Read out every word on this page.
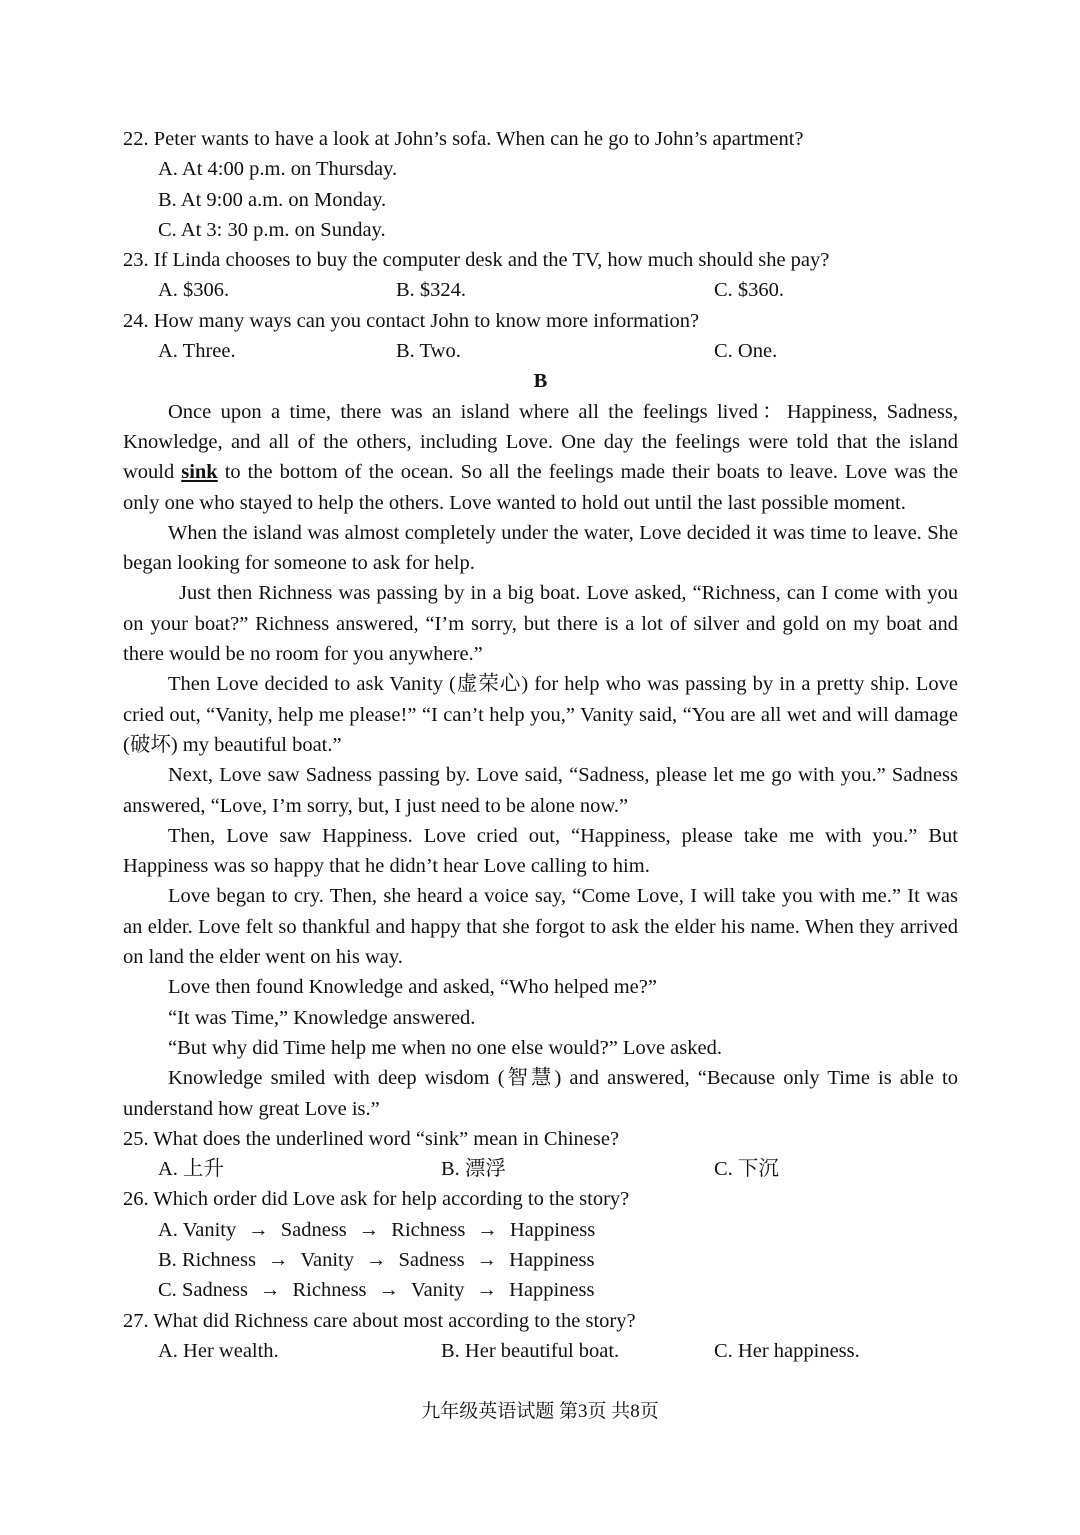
22. Peter wants to have a look at John’s sofa. When can he go to John’s apartment?
A. At 4:00 p.m. on Thursday.
B. At 9:00 a.m. on Monday.
C. At 3: 30 p.m. on Sunday.
23. If Linda chooses to buy the computer desk and the TV, how much should she pay?
A. $306.	B. $324.	C. $360.
24. How many ways can you contact John to know more information?
A. Three.	B. Two.	C. One.
B
Once upon a time, there was an island where all the feelings lived：Happiness, Sadness, Knowledge, and all of the others, including Love. One day the feelings were told that the island would sink to the bottom of the ocean. So all the feelings made their boats to leave. Love was the only one who stayed to help the others. Love wanted to hold out until the last possible moment.
When the island was almost completely under the water, Love decided it was time to leave. She began looking for someone to ask for help.
Just then Richness was passing by in a big boat. Love asked, “Richness, can I come with you on your boat?” Richness answered, “I’m sorry, but there is a lot of silver and gold on my boat and there would be no room for you anywhere.”
Then Love decided to ask Vanity (虚荣心) for help who was passing by in a pretty ship. Love cried out, “Vanity, help me please!” “I can’t help you,” Vanity said, “You are all wet and will damage (破坏) my beautiful boat.”
Next, Love saw Sadness passing by. Love said, “Sadness, please let me go with you.” Sadness answered, “Love, I’m sorry, but, I just need to be alone now.”
Then, Love saw Happiness. Love cried out, “Happiness, please take me with you.” But Happiness was so happy that he didn’t hear Love calling to him.
Love began to cry. Then, she heard a voice say, “Come Love, I will take you with me.” It was an elder. Love felt so thankful and happy that she forgot to ask the elder his name. When they arrived on land the elder went on his way.
Love then found Knowledge and asked, “Who helped me?”
“It was Time,” Knowledge answered.
“But why did Time help me when no one else would?” Love asked.
Knowledge smiled with deep wisdom (智慧) and answered, “Because only Time is able to understand how great Love is.”
25. What does the underlined word “sink” mean in Chinese?
A. 上升	B. 漂浮	C. 下沉
26. Which order did Love ask for help according to the story?
A. Vanity → Sadness → Richness → Happiness
B. Richness → Vanity → Sadness → Happiness
C. Sadness → Richness → Vanity → Happiness
27. What did Richness care about most according to the story?
A. Her wealth.	B. Her beautiful boat.	C. Her happiness.
九年级英语试题 第3页 共8页
